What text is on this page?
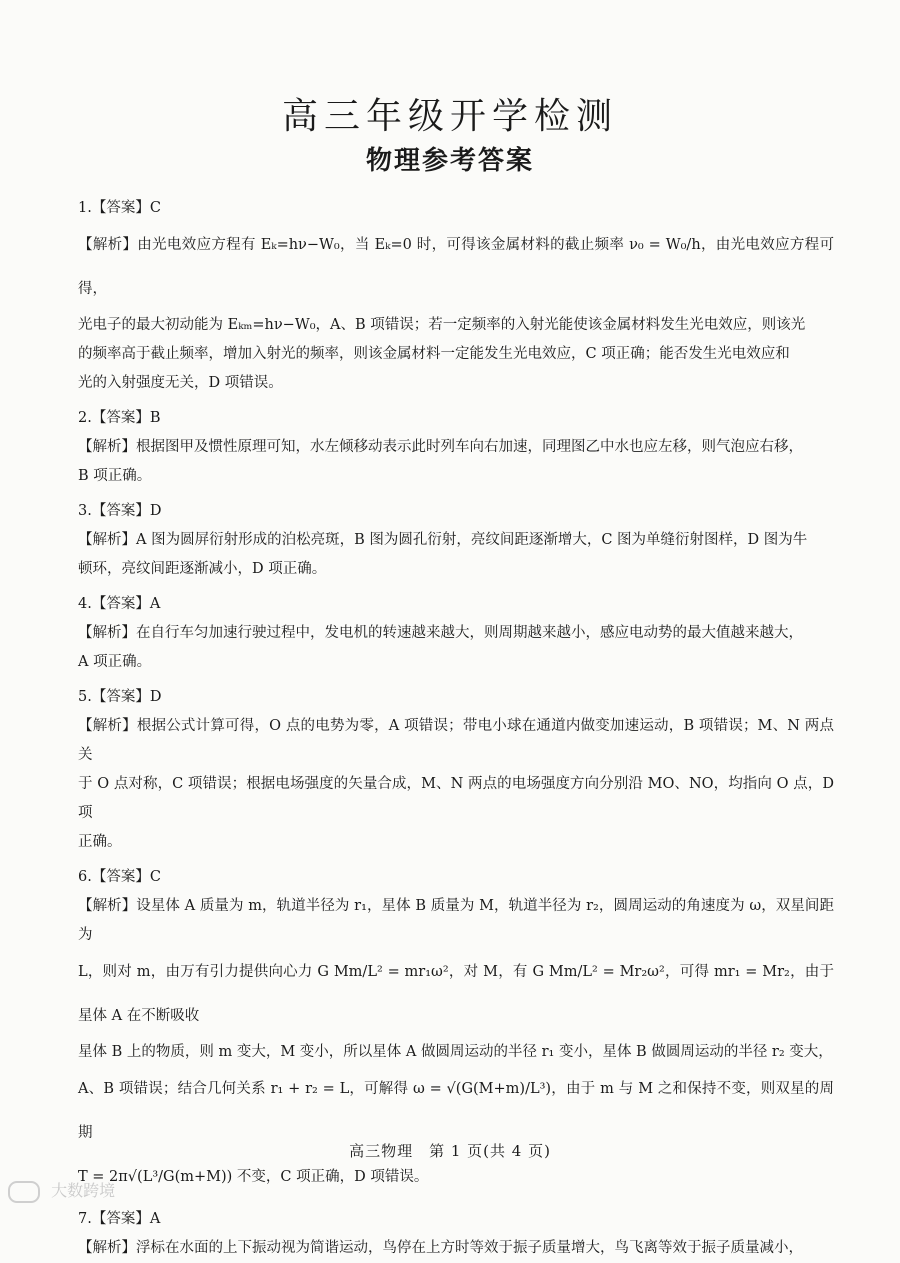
高三年级开学检测
物理参考答案
1.【答案】C
【解析】由光电效应方程有 Eₖ=hν−W₀，当 Eₖ=0 时，可得该金属材料的截止频率 ν₀ = W₀/h，由光电效应方程可得，
光电子的最大初动能为 Eₖₘ=hν−W₀，A、B 项错误；若一定频率的入射光能使该金属材料发生光电效应，则该光
的频率高于截止频率，增加入射光的频率，则该金属材料一定能发生光电效应，C 项正确；能否发生光电效应和
光的入射强度无关，D 项错误。
2.【答案】B
【解析】根据图甲及惯性原理可知，水左倾移动表示此时列车向右加速，同理图乙中水也应左移，则气泡应右移，
B 项正确。
3.【答案】D
【解析】A 图为圆屏衍射形成的泊松亮斑，B 图为圆孔衍射，亮纹间距逐渐增大，C 图为单缝衍射图样，D 图为牛
顿环，亮纹间距逐渐减小，D 项正确。
4.【答案】A
【解析】在自行车匀加速行驶过程中，发电机的转速越来越大，则周期越来越小，感应电动势的最大值越来越大，
A 项正确。
5.【答案】D
【解析】根据公式计算可得，O 点的电势为零，A 项错误；带电小球在通道内做变加速运动，B 项错误；M、N 两点关
于 O 点对称，C 项错误；根据电场强度的矢量合成，M、N 两点的电场强度方向分别沿 MO、NO，均指向 O 点，D 项
正确。
6.【答案】C
【解析】设星体 A 质量为 m，轨道半径为 r₁，星体 B 质量为 M，轨道半径为 r₂，圆周运动的角速度为 ω，双星间距为
L，则对 m，由万有引力提供向心力 G Mm/L² = mr₁ω²，对 M，有 G Mm/L² = Mr₂ω²，可得 mr₁ = Mr₂，由于星体 A 在不断吸收
星体 B 上的物质，则 m 变大，M 变小，所以星体 A 做圆周运动的半径 r₁ 变小，星体 B 做圆周运动的半径 r₂ 变大，
A、B 项错误；结合几何关系 r₁ + r₂ = L，可解得 ω = √(G(M+m)/L³)，由于 m 与 M 之和保持不变，则双星的周期
T = 2π√(L³/G(m+M)) 不变，C 项正确，D 项错误。
7.【答案】A
【解析】浮标在水面的上下振动视为简谐运动，鸟停在上方时等效于振子质量增大，鸟飞离等效于振子质量减小，
高三物理　第 1 页(共 4 页)
大数跨境
